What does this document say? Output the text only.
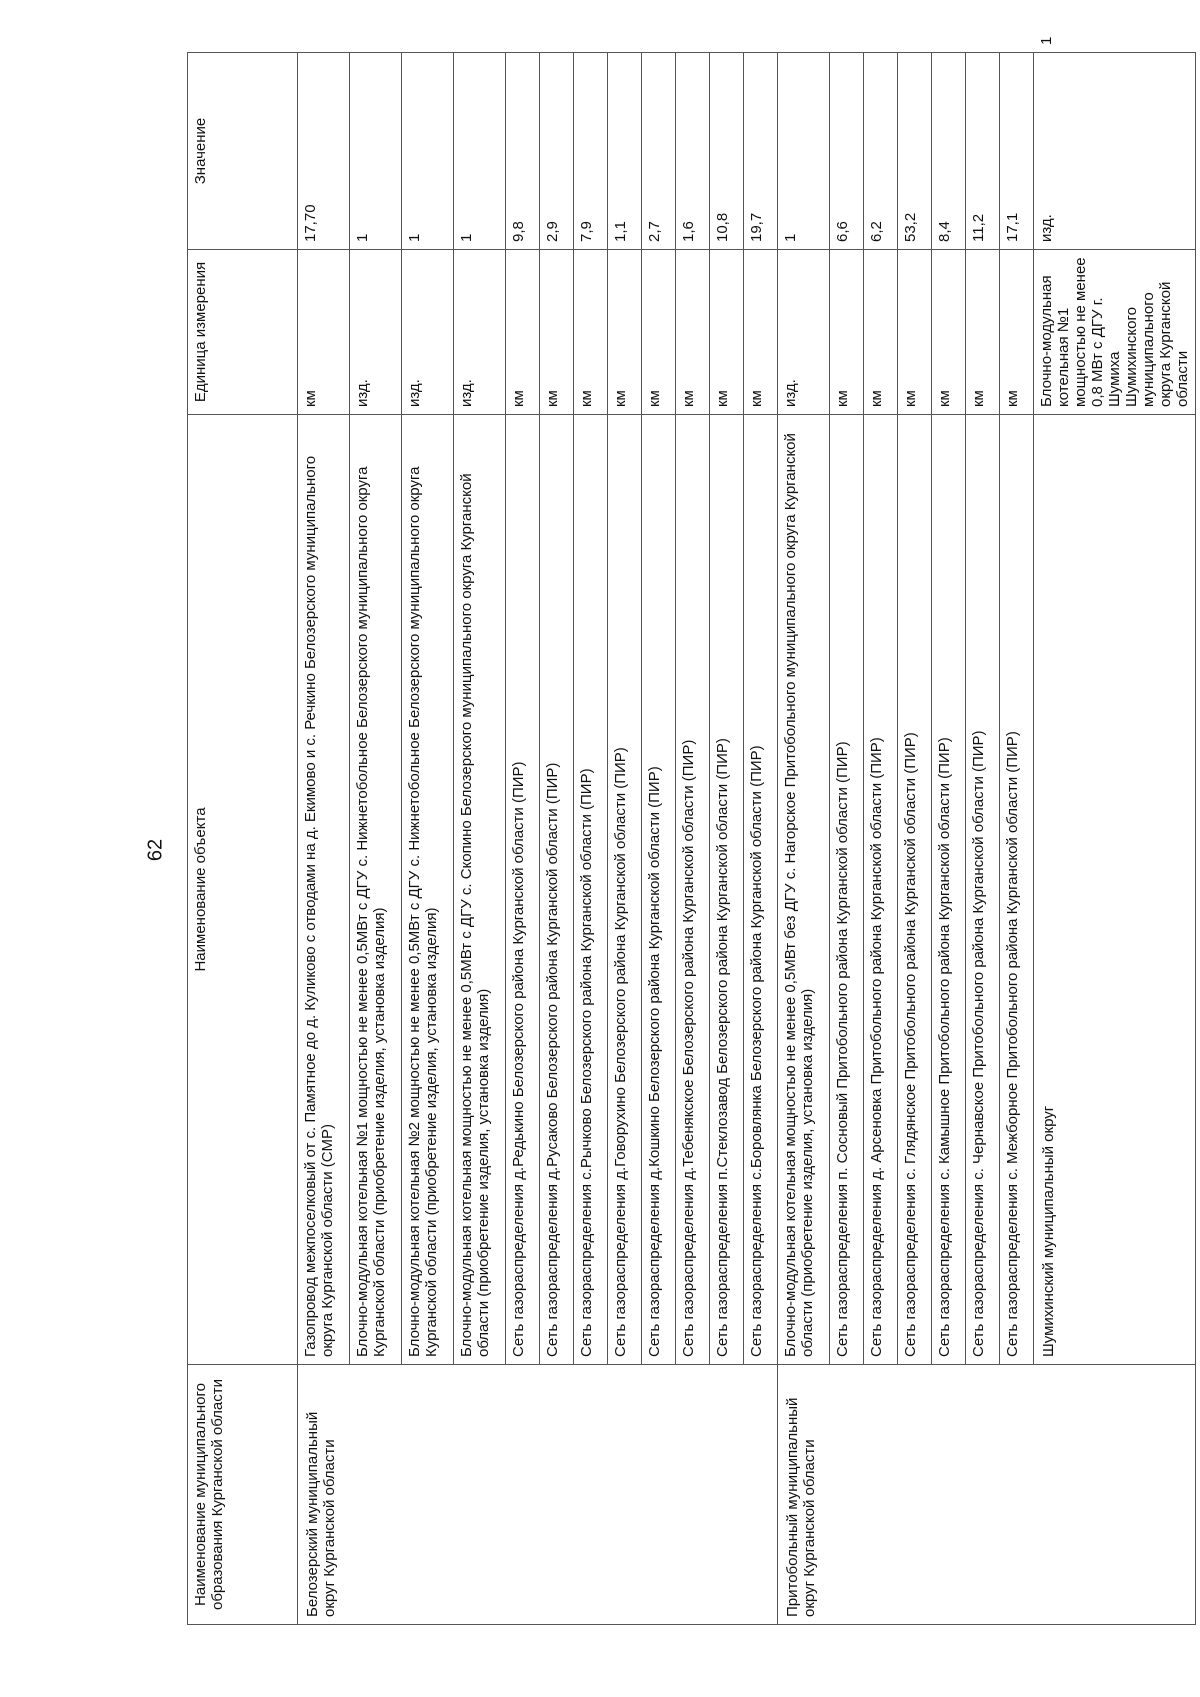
62
Наименование муниципального образования Курганской области	Наименование объекта	Единица измерения	Значение	
Белозерский муниципальный округ Курганской области	Газопровод межпоселковый от с. Памятное до д. Куликово с отводами на д. Екимово и с. Речкино Белозерского муниципального округа Курганской области (СМР)	км	17,70	
	Блочно-модульная котельная №1 мощностью не менее 0,5МВт с ДГУ с. Нижнетобольное Белозерского муниципального округа Курганской области (приобретение изделия, установка изделия)	изд.	1	
	Блочно-модульная котельная №2 мощностью не менее 0,5МВт с ДГУ с. Нижнетобольное Белозерского муниципального округа Курганской области (приобретение изделия, установка изделия)	изд.	1	
	Блочно-модульная котельная мощностью не менее 0,5МВт с ДГУ с. Скопино Белозерского муниципального округа Курганской области (приобретение изделия, установка изделия)	изд.	1	
	Сеть газораспределения д.Редькино Белозерского района Курганской области (ПИР)	км	9,8	
	Сеть газораспределения д.Русаково Белозерского района Курганской области (ПИР)	км	2,9	
	Сеть газораспределения с.Рычково Белозерского района Курганской области (ПИР)	км	7,9	
	Сеть газораспределения д.Говорухино Белозерского района Курганской области (ПИР)	км	1,1	
	Сеть газораспределения д.Кошкино Белозерского района Курганской области (ПИР)	км	2,7	
	Сеть газораспределения д.Тебенякское Белозерского района Курганской области (ПИР)	км	1,6	
	Сеть газораспределения п.Стеклозавод Белозерского района Курганской области (ПИР)	км	10,8	
	Сеть газораспределения с.Боровлянка Белозерского района Курганской области (ПИР)	км	19,7	
Притобольный муниципальный округ Курганской области	Блочно-модульная котельная мощностью не менее 0,5МВт без ДГУ с. Нагорское Притобольного муниципального округа Курганской области (приобретение изделия, установка изделия)	изд.	1	
	Сеть газораспределения п. Сосновый Притобольного района Курганской области (ПИР)	км	6,6	
	Сеть газораспределения д. Арсеновка Притобольного района Курганской области (ПИР)	км	6,2	
	Сеть газораспределения с. Глядянское Притобольного района Курганской области (ПИР)	км	53,2	
	Сеть газораспределения с. Камышное Притобольного района Курганской области (ПИР)	км	8,4	
	Сеть газораспределения с. Чернавское Притобольного района Курганской области (ПИР)	км	11,2	
	Сеть газораспределения с. Межборное Притобольного района Курганской области (ПИР)	км	17,1	
	Шумихинский муниципальный округ	Блочно-модульная котельная №1 мощностью не менее 0,8 МВт с ДГУ г. Шумиха Шумихинского муниципального округа Курганской области	изд.	1
